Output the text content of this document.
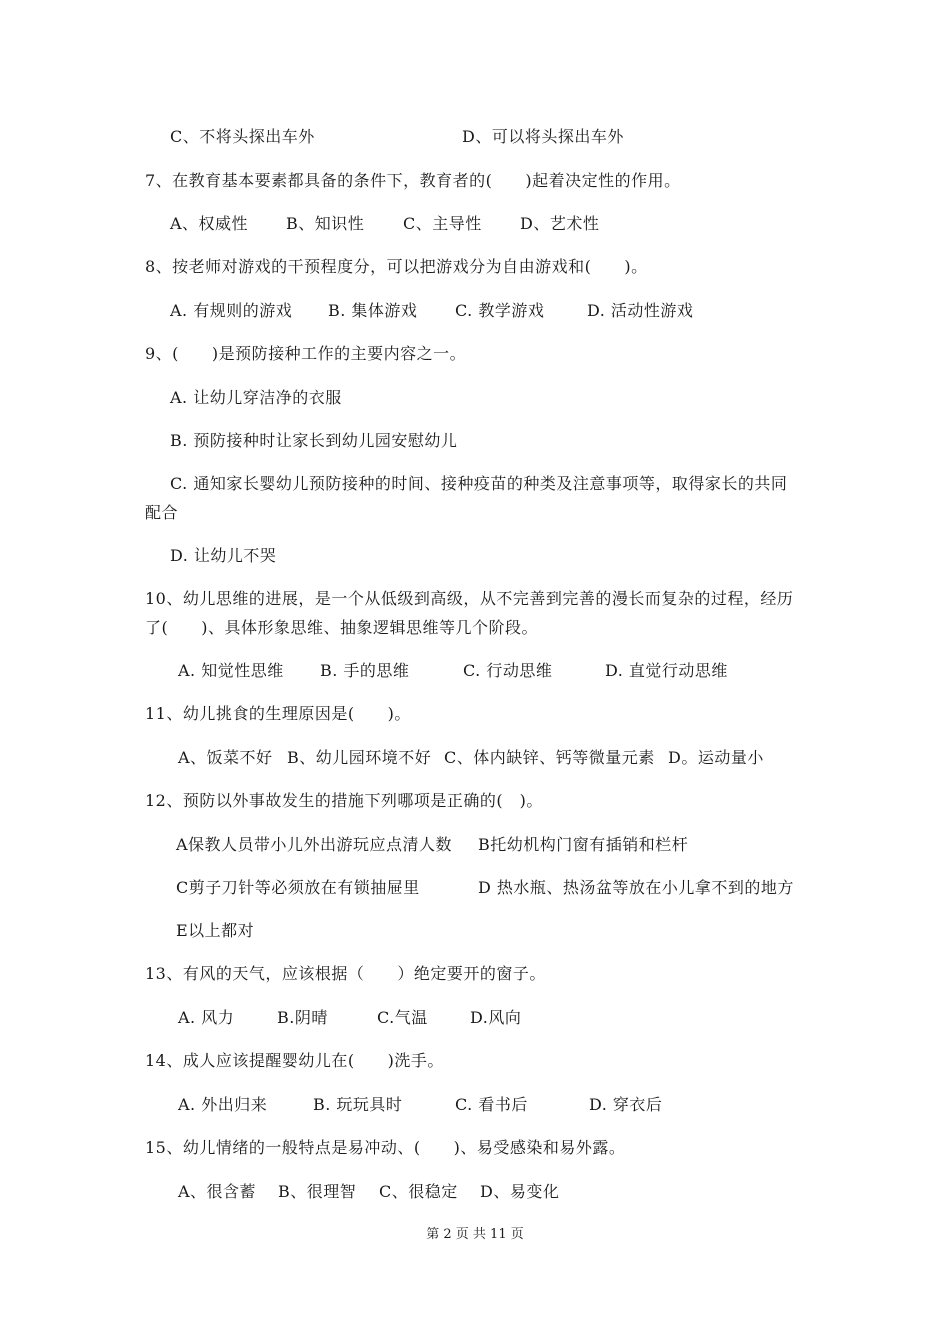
C、不将头探出车外	D、可以将头探出车外
7、在教育基本要素都具备的条件下，教育者的(　　)起着决定性的作用。
A、权威性 B、知识性 C、主导性 D、艺术性
8、按老师对游戏的干预程度分，可以把游戏分为自由游戏和(　　)。
A. 有规则的游戏 B. 集体游戏 C. 教学游戏	D. 活动性游戏
9、(　　)是预防接种工作的主要内容之一。
A. 让幼儿穿洁净的衣服
B. 预防接种时让家长到幼儿园安慰幼儿
C. 通知家长婴幼儿预防接种的时间、接种疫苗的种类及注意事项等，取得家长的共同
配合
D. 让幼儿不哭
10、幼儿思维的进展，是一个从低级到高级，从不完善到完善的漫长而复杂的过程，经历
了(　　)、具体形象思维、抽象逻辑思维等几个阶段。
A. 知觉性思维 B. 手的思维	C. 行动思维	D. 直觉行动思维
11、幼儿挑食的生理原因是(　　)。
A、饭菜不好 B、幼儿园环境不好 C、体内缺锌、钙等微量元素 D。运动量小
12、预防以外事故发生的措施下列哪项是正确的(　)。
A保教人员带小儿外出游玩应点清人数 B托幼机构门窗有插销和栏杆
C剪子刀针等必须放在有锁抽屉里	D 热水瓶、热汤盆等放在小儿拿不到的地方
E以上都对
13、有风的天气，应该根据（　　）绝定要开的窗子。
A. 风力	B.阴晴	C.气温	D.风向
14、成人应该提醒婴幼儿在(　　)洗手。
A. 外出归来	B. 玩玩具时	C. 看书后	D. 穿衣后
15、幼儿情绪的一般特点是易冲动、(　　)、易受感染和易外露。
A、很含蓄 B、很理智 C、很稳定 D、易变化
第 2 页 共 11 页
